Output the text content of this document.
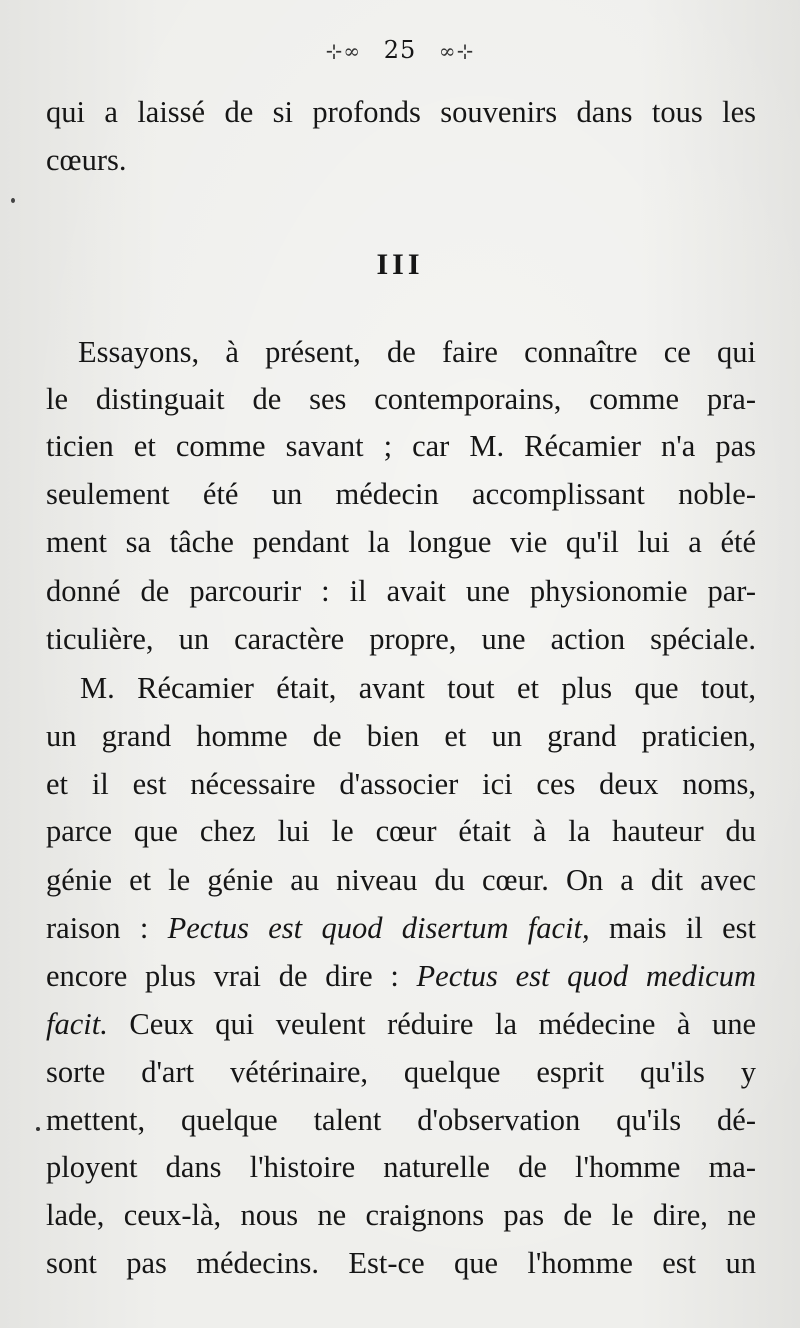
⊹∞ 25 ∞⊹
qui a laissé de si profonds souvenirs dans tous les
cœurs.
III
Essayons, à présent, de faire connaître ce qui
le distinguait de ses contemporains, comme pra-
ticien et comme savant ; car M. Récamier n'a pas
seulement été un médecin accomplissant noble-
ment sa tâche pendant la longue vie qu'il lui a été
donné de parcourir : il avait une physionomie par-
ticulière, un caractère propre, une action spéciale.
M. Récamier était, avant tout et plus que tout,
un grand homme de bien et un grand praticien,
et il est nécessaire d'associer ici ces deux noms,
parce que chez lui le cœur était à la hauteur du
génie et le génie au niveau du cœur. On a dit avec
raison : Pectus est quod disertum facit, mais il est
encore plus vrai de dire : Pectus est quod medicum
facit. Ceux qui veulent réduire la médecine à une
sorte d'art vétérinaire, quelque esprit qu'ils y
mettent, quelque talent d'observation qu'ils dé-
ployent dans l'histoire naturelle de l'homme ma-
lade, ceux-là, nous ne craignons pas de le dire, ne
sont pas médecins. Est-ce que l'homme est un
